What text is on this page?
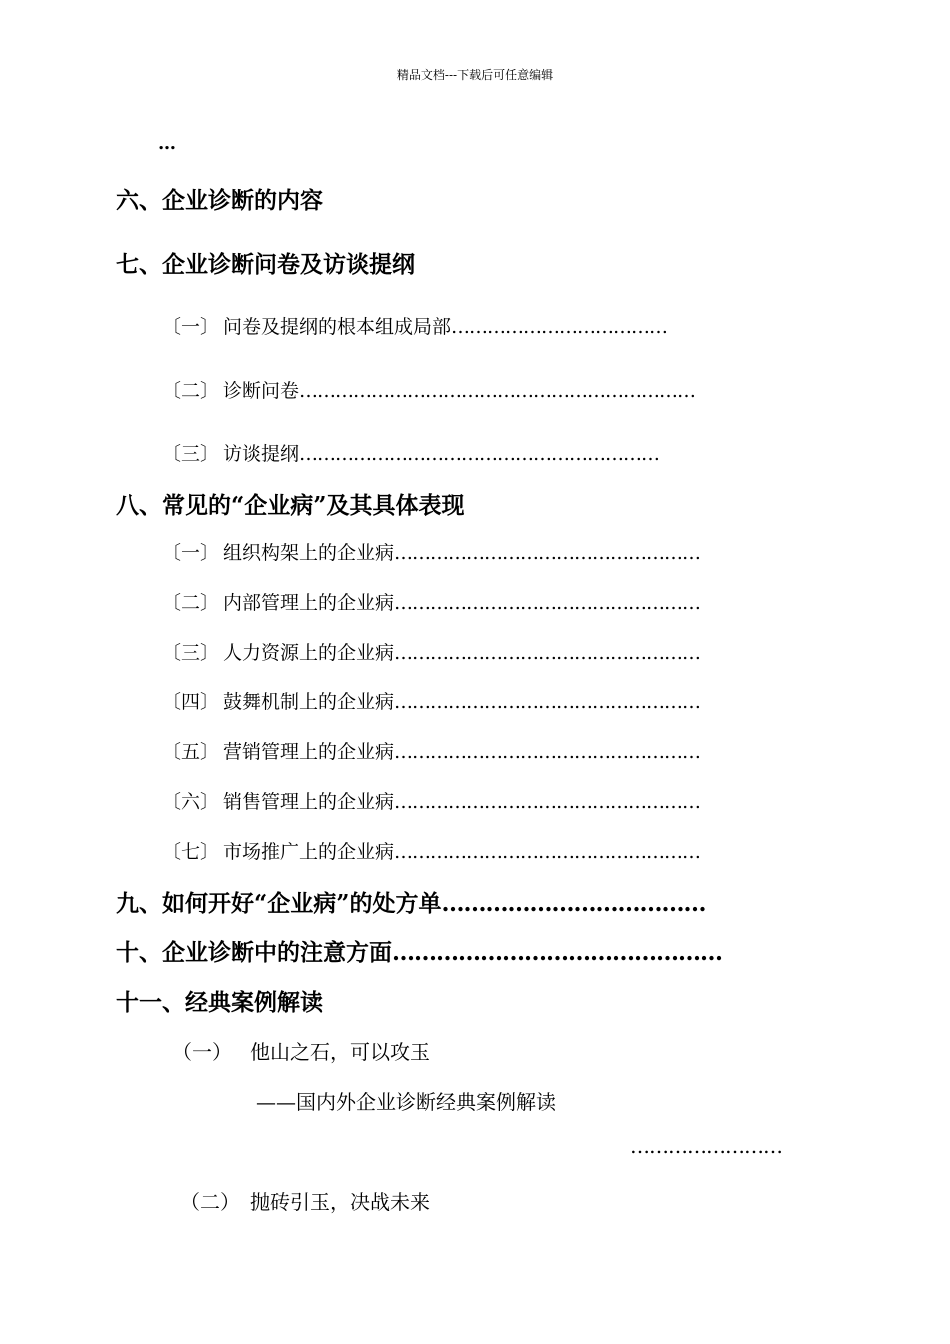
精品文档---下载后可任意编辑
…
六、企业诊断的内容
七、企业诊断问卷及访谈提纲
〔一〕 问卷及提纲的根本组成局部………………………………
〔二〕 诊断问卷…………………………………………………………
〔三〕 访谈提纲……………………………………………………
八、常见的“企业病”及其具体表现
〔一〕 组织构架上的企业病……………………………………………
〔二〕 内部管理上的企业病……………………………………………
〔三〕 人力资源上的企业病……………………………………………
〔四〕 鼓舞机制上的企业病……………………………………………
〔五〕 营销管理上的企业病……………………………………………
〔六〕 销售管理上的企业病……………………………………………
〔七〕 市场推广上的企业病……………………………………………
九、如何开好“企业病”的处方单………………………………
十、企业诊断中的注意方面………………………………………
十一、经典案例解读
（一） 他山之石，可以攻玉
——国内外企业诊断经典案例解读
……………………
（二） 抛砖引玉，决战未来
